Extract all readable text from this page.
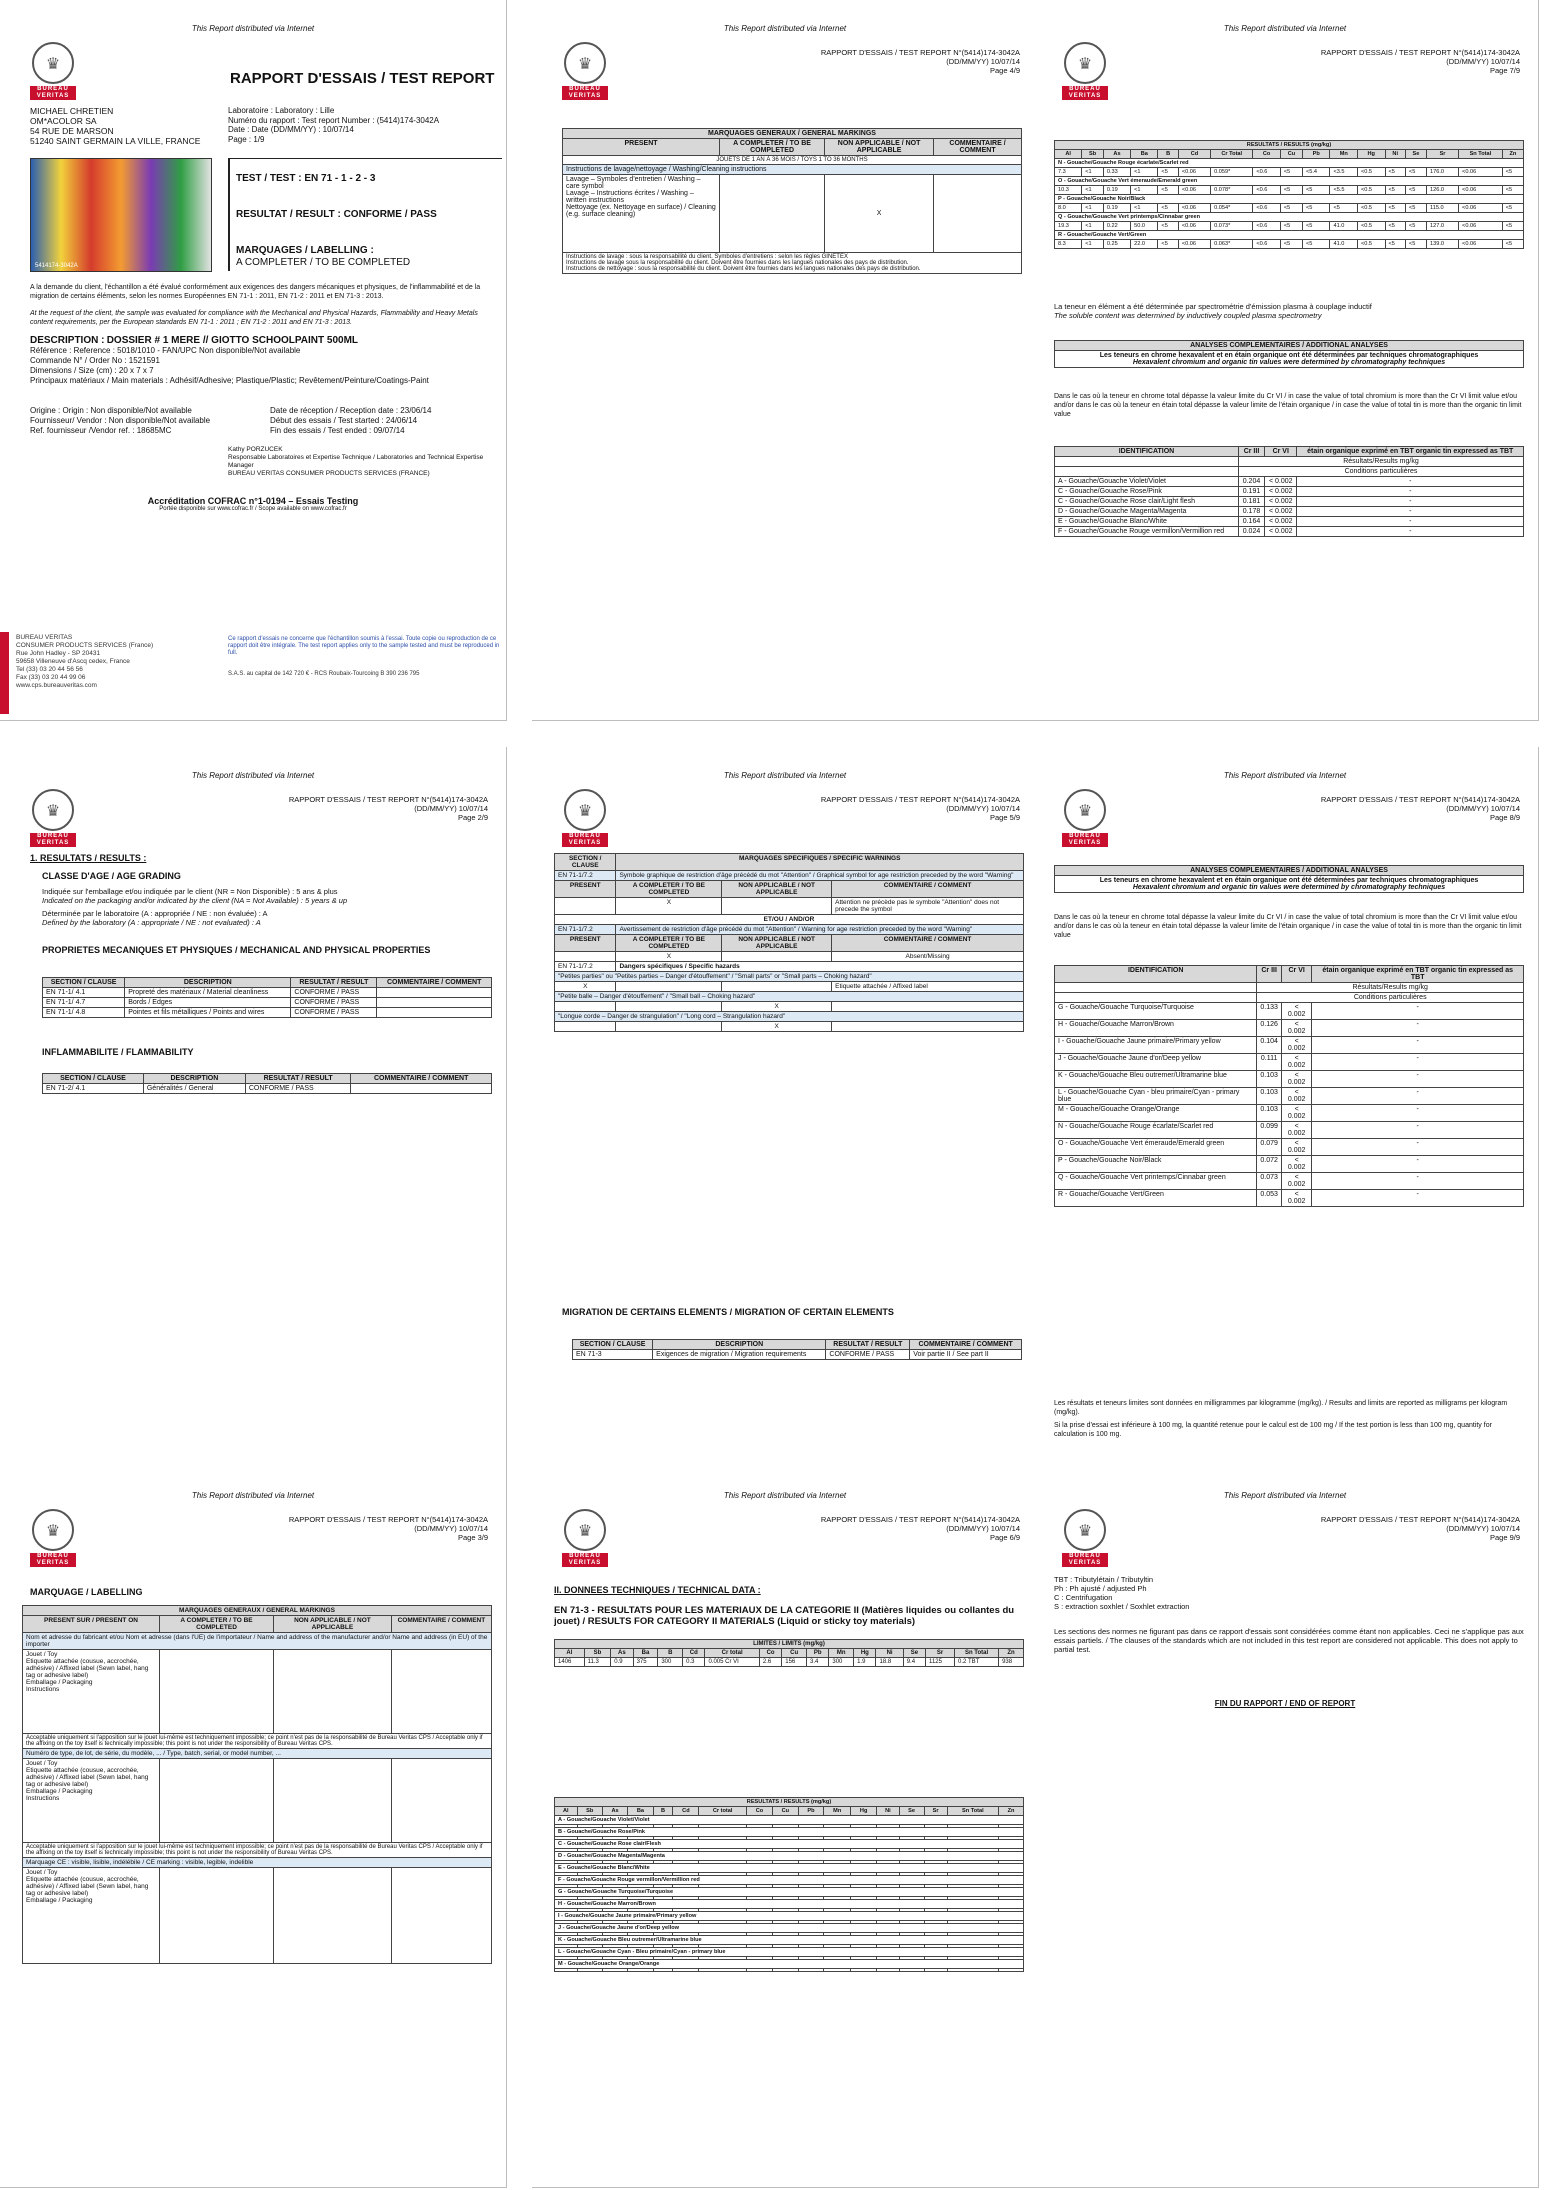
This Report distributed via Internet
♛
BUREAU VERITAS
RAPPORT D'ESSAIS / TEST REPORT
MICHAEL CHRETIEN
OM*ACOLOR SA
54 RUE DE MARSON
51240 SAINT GERMAIN LA VILLE, FRANCE
Laboratoire : Laboratory : Lille
Numéro du rapport : Test report Number : (5414)174-3042A
Date : Date (DD/MM/YY) : 10/07/14
Page : 1/9
5414174-3042A
TEST / TEST : EN 71 - 1 - 2 - 3
RESULTAT / RESULT : CONFORME / PASS
MARQUAGES / LABELLING :
A COMPLETER / TO BE COMPLETED
A la demande du client, l'échantillon a été évalué conformément aux exigences des dangers mécaniques et physiques, de l'inflammabilité et de la migration de certains éléments, selon les normes Européennes EN 71-1 : 2011, EN 71-2 : 2011 et EN 71-3 : 2013.
At the request of the client, the sample was evaluated for compliance with the Mechanical and Physical Hazards, Flammability and Heavy Metals content requirements, per the European standards EN 71-1 : 2011 ; EN 71-2 : 2011 and EN 71-3 : 2013.
DESCRIPTION : DOSSIER # 1 MERE // GIOTTO SCHOOLPAINT 500ML
Référence : Reference : 5018/1010 - FAN/UPC Non disponible/Not available
Commande N° / Order No : 1521591
Dimensions / Size (cm) : 20 x 7 x 7
Principaux matériaux / Main materials : Adhésif/Adhesive; Plastique/Plastic; Revêtement/Peinture/Coatings-Paint
Origine : Origin : Non disponible/Not available
Fournisseur/ Vendor : Non disponible/Not available
Ref. fournisseur /Vendor ref. : 18685MC
Date de réception / Reception date : 23/06/14
Début des essais / Test started : 24/06/14
Fin des essais / Test ended : 09/07/14
Kathy PORZUCEK
Responsable Laboratoires et Expertise Technique / Laboratories and Technical Expertise Manager
BUREAU VERITAS CONSUMER PRODUCTS SERVICES (FRANCE)
Accréditation COFRAC n°1-0194 – Essais Testing
Portée disponible sur www.cofrac.fr / Scope available on www.cofrac.fr
BUREAU VERITAS
CONSUMER PRODUCTS SERVICES (France)
Rue John Hadley - SP 20431
59658 Villeneuve d'Ascq cedex, France
Tel (33) 03 20 44 56 56
Fax (33) 03 20 44 99 06
www.cps.bureauveritas.com
Ce rapport d'essais ne concerne que l'échantillon soumis à l'essai. Toute copie ou reproduction de ce rapport doit être intégrale. The test report applies only to the sample tested and must be reproduced in full.
S.A.S. au capital de 142 720 € - RCS Roubaix-Tourcoing B 390 236 795
This Report distributed via Internet
♛
BUREAU VERITAS
RAPPORT D'ESSAIS / TEST REPORT N°(5414)174-3042A
(DD/MM/YY) 10/07/14
Page 4/9
MARQUAGES GENERAUX / GENERAL MARKINGS			
PRESENT	A COMPLETER / TO BE COMPLETED	NON APPLICABLE / NOT APPLICABLE	COMMENTAIRE / COMMENT
JOUETS DE 1 AN À 36 MOIS / TOYS 1 TO 36 MONTHS			
Instructions de lavage/nettoyage / Washing/Cleaning instructions			

Lavage – Symboles d'entretien / Washing – care symbol
Lavage – Instructions écrites / Washing – written instructions
Nettoyage (ex. Nettoyage en surface) / Cleaning (e.g. surface cleaning)		X	

Instructions de lavage : sous la responsabilité du client. Symboles d'entretiens : selon les règles GINETEX
Instructions de lavage sous la responsabilité du client. Doivent être fournies dans les langues nationales des pays de distribution.
Instructions de nettoyage : sous la responsabilité du client. Doivent être fournies dans les langues nationales des pays de distribution.			
This Report distributed via Internet
♛
BUREAU VERITAS
RAPPORT D'ESSAIS / TEST REPORT N°(5414)174-3042A
(DD/MM/YY) 10/07/14
Page 7/9
RESULTATS / RESULTS (mg/kg)																
Al	Sb	As	Ba	B	Cd	Cr Total	Co	Cu	Pb	Mn	Hg	Ni	Se	Sr	Sn Total	Zn
N - Gouache/Gouache Rouge écarlate/Scarlet red																
7.3	<1	0.33	<1	<5	<0.06	0.059*	<0.6	<5	<5.4	<3.5	<0.5	<5	<5	176.0	<0.06	<5
O - Gouache/Gouache Vert émeraude/Emerald green																
10.3	<1	0.19	<1	<5	<0.06	0.078*	<0.6	<5	<5	<5.5	<0.5	<5	<5	126.0	<0.06	<5
P - Gouache/Gouache Noir/Black																
8.0	<1	0.19	<1	<5	<0.06	0.054*	<0.6	<5	<5	<5	<0.5	<5	<5	115.0	<0.06	<5
Q - Gouache/Gouache Vert printemps/Cinnabar green																
19.3	<1	0.22	50.0	<5	<0.06	0.073*	<0.6	<5	<5	41.0	<0.5	<5	<5	127.0	<0.06	<5
R - Gouache/Gouache Vert/Green																
8.3	<1	0.25	22.0	<5	<0.06	0.063*	<0.6	<5	<5	41.0	<0.5	<5	<5	139.0	<0.06	<5
La teneur en élément a été déterminée par spectrométrie d'émission plasma à couplage inductif
The soluble content was determined by inductively coupled plasma spectrometry
ANALYSES COMPLEMENTAIRES / ADDITIONAL ANALYSES

Les teneurs en chrome hexavalent et en étain organique ont été déterminées par techniques chromatographiques
Hexavalent chromium and organic tin values were determined by chromatography techniques
Dans le cas où la teneur en chrome total dépasse la valeur limite du Cr VI / in case the value of total chromium is more than the Cr VI limit value et/ou and/or dans le cas où la teneur en étain total dépasse la valeur limite de l'étain organique / in case the value of total tin is more than the organic tin limit value
IDENTIFICATION	Cr III	Cr VI	étain organique exprimé en TBT organic tin expressed as TBT
	Résultats/Results mg/kg		
	Conditions particulières		
A - Gouache/Gouache Violet/Violet	0.204	< 0.002	-
C - Gouache/Gouache Rose/Pink	0.191	< 0.002	-
C - Gouache/Gouache Rose clair/Light flesh	0.181	< 0.002	-
D - Gouache/Gouache Magenta/Magenta	0.178	< 0.002	-
E - Gouache/Gouache Blanc/White	0.164	< 0.002	-
F - Gouache/Gouache Rouge vermillon/Vermillion red	0.024	< 0.002	-
This Report distributed via Internet
♛
BUREAU VERITAS
RAPPORT D'ESSAIS / TEST REPORT N°(5414)174-3042A
(DD/MM/YY) 10/07/14
Page 2/9
1. RESULTATS / RESULTS :
CLASSE D'AGE / AGE GRADING
Indiquée sur l'emballage et/ou indiquée par le client (NR = Non Disponible) : 5 ans & plus
Indicated on the packaging and/or indicated by the client (NA = Not Available) : 5 years & up
Déterminée par le laboratoire (A : appropriée / NE : non évaluée) : A
Defined by the laboratory (A : appropriate / NE : not evaluated) : A
PROPRIETES MECANIQUES ET PHYSIQUES / MECHANICAL AND PHYSICAL PROPERTIES
SECTION / CLAUSE	DESCRIPTION	RESULTAT / RESULT	COMMENTAIRE / COMMENT
EN 71-1/ 4.1	Propreté des matériaux / Material cleanliness	CONFORME / PASS	
EN 71-1/ 4.7	Bords / Edges	CONFORME / PASS	
EN 71-1/ 4.8	Pointes et fils métalliques / Points and wires	CONFORME / PASS	
INFLAMMABILITE / FLAMMABILITY
SECTION / CLAUSE	DESCRIPTION	RESULTAT / RESULT	COMMENTAIRE / COMMENT
EN 71-2/ 4.1	Généralités / General	CONFORME / PASS	
This Report distributed via Internet
♛
BUREAU VERITAS
RAPPORT D'ESSAIS / TEST REPORT N°(5414)174-3042A
(DD/MM/YY) 10/07/14
Page 5/9
SECTION / CLAUSE	MARQUAGES SPECIFIQUES / SPECIFIC WARNINGS		
EN 71-1/7.2	Symbole graphique de restriction d'âge précédé du mot "Attention" / Graphical symbol for age restriction preceded by the word "Warning"		
PRESENT	A COMPLETER / TO BE COMPLETED	NON APPLICABLE / NOT APPLICABLE	COMMENTAIRE / COMMENT
	X		Attention ne précède pas le symbole "Attention" does not precede the symbol
ET/OU / AND/OR			
EN 71-1/7.2	Avertissement de restriction d'âge précédé du mot "Attention" / Warning for age restriction preceded by the word "Warning"		
PRESENT	A COMPLETER / TO BE COMPLETED	NON APPLICABLE / NOT APPLICABLE	COMMENTAIRE / COMMENT
	X		Absent/Missing
EN 71-1/7.2	Dangers spécifiques / Specific hazards		
"Petites parties" ou "Petites parties – Danger d'étouffement" / "Small parts" or "Small parts – Choking hazard"			
X			Etiquette attachée / Affixed label
"Petite balle – Danger d'étouffement" / "Small ball – Choking hazard"			
		X	
"Longue corde – Danger de strangulation" / "Long cord – Strangulation hazard"			
		X	
MIGRATION DE CERTAINS ELEMENTS / MIGRATION OF CERTAIN ELEMENTS
SECTION / CLAUSE	DESCRIPTION	RESULTAT / RESULT	COMMENTAIRE / COMMENT
EN 71-3	Exigences de migration / Migration requirements	CONFORME / PASS	Voir partie II / See part II
This Report distributed via Internet
♛
BUREAU VERITAS
RAPPORT D'ESSAIS / TEST REPORT N°(5414)174-3042A
(DD/MM/YY) 10/07/14
Page 8/9
ANALYSES COMPLEMENTAIRES / ADDITIONAL ANALYSES

Les teneurs en chrome hexavalent et en étain organique ont été déterminées par techniques chromatographiques
Hexavalent chromium and organic tin values were determined by chromatography techniques
Dans le cas où la teneur en chrome total dépasse la valeur limite du Cr VI / in case the value of total chromium is more than the Cr VI limit value et/ou and/or dans le cas où la teneur en étain total dépasse la valeur limite de l'étain organique / in case the value of total tin is more than the organic tin limit value
IDENTIFICATION	Cr III	Cr VI	étain organique exprimé en TBT organic tin expressed as TBT
	Résultats/Results mg/kg		
	Conditions particulières		
G - Gouache/Gouache Turquoise/Turquoise	0.133	< 0.002	-
H - Gouache/Gouache Marron/Brown	0.126	< 0.002	-
I - Gouache/Gouache Jaune primaire/Primary yellow	0.104	< 0.002	-
J - Gouache/Gouache Jaune d'or/Deep yellow	0.111	< 0.002	-
K - Gouache/Gouache Bleu outremer/Ultramarine blue	0.103	< 0.002	-
L - Gouache/Gouache Cyan - bleu primaire/Cyan - primary blue	0.103	< 0.002	-
M - Gouache/Gouache Orange/Orange	0.103	< 0.002	-
N - Gouache/Gouache Rouge écarlate/Scarlet red	0.099	< 0.002	-
O - Gouache/Gouache Vert émeraude/Emerald green	0.079	< 0.002	-
P - Gouache/Gouache Noir/Black	0.072	< 0.002	-
Q - Gouache/Gouache Vert printemps/Cinnabar green	0.073	< 0.002	-
R - Gouache/Gouache Vert/Green	0.053	< 0.002	-
Les résultats et teneurs limites sont données en milligrammes par kilogramme (mg/kg). / Results and limits are reported as milligrams per kilogram (mg/kg).
Si la prise d'essai est inférieure à 100 mg, la quantité retenue pour le calcul est de 100 mg / If the test portion is less than 100 mg, quantity for calculation is 100 mg.
This Report distributed via Internet
♛
BUREAU VERITAS
RAPPORT D'ESSAIS / TEST REPORT N°(5414)174-3042A
(DD/MM/YY) 10/07/14
Page 3/9
MARQUAGE / LABELLING
MARQUAGES GENERAUX / GENERAL MARKINGS			
PRESENT SUR / PRESENT ON	A COMPLETER / TO BE COMPLETED	NON APPLICABLE / NOT APPLICABLE	COMMENTAIRE / COMMENT
Nom et adresse du fabricant et/ou Nom et adresse (dans l'UE) de l'importateur / Name and address of the manufacturer and/or Name and address (in EU) of the importer			

Jouet / Toy
Etiquette attachée (cousue, accrochée, adhésive) / Affixed label (Sewn label, hang tag or adhesive label)
Emballage / Packaging
Instructions			

Acceptable uniquement si l'apposition sur le jouet lui-même est techniquement impossible; ce point n'est pas de la responsabilité de Bureau Veritas CPS / Acceptable only if the affixing on the toy itself is technically impossible; this point is not under the responsibility of Bureau Veritas CPS.			
Numéro de type, de lot, de série, du modèle, ... / Type, batch, serial, or model number, ...			

Jouet / Toy
Etiquette attachée (cousue, accrochée, adhésive) / Affixed label (Sewn label, hang tag or adhesive label)
Emballage / Packaging
Instructions			

Acceptable uniquement si l'apposition sur le jouet lui-même est techniquement impossible; ce point n'est pas de la responsabilité de Bureau Veritas CPS / Acceptable only if the affixing on the toy itself is technically impossible; this point is not under the responsibility of Bureau Veritas CPS.			
Marquage CE : visible, lisible, indélébile / CE marking : visible, legible, indelible			

Jouet / Toy
Etiquette attachée (cousue, accrochée, adhésive) / Affixed label (Sewn label, hang tag or adhesive label)
Emballage / Packaging			

This Report distributed via Internet
♛
BUREAU VERITAS
RAPPORT D'ESSAIS / TEST REPORT N°(5414)174-3042A
(DD/MM/YY) 10/07/14
Page 6/9
II. DONNEES TECHNIQUES / TECHNICAL DATA :
EN 71-3 - RESULTATS POUR LES MATERIAUX DE LA CATEGORIE II (Matières liquides ou collantes du jouet) / RESULTS FOR CATEGORY II MATERIALS (Liquid or sticky toy materials)
LIMITES / LIMITS (mg/kg)																
Al	Sb	As	Ba	B	Cd	Cr total	Co	Cu	Pb	Mn	Hg	Ni	Se	Sr	Sn Total	Zn
1406	11.3	0.9	375	300	0.3	0.005 Cr VI	2.6	156	3.4	300	1.9	18.8	9.4	1125	0.2 TBT	938
RESULTATS / RESULTS (mg/kg)																
Al	Sb	As	Ba	B	Cd	Cr total	Co	Cu	Pb	Mn	Hg	Ni	Se	Sr	Sn Total	Zn
A - Gouache/Gouache Violet/Violet																

B - Gouache/Gouache Rose/Pink																

C - Gouache/Gouache Rose clair/Flesh																

D - Gouache/Gouache Magenta/Magenta																

E - Gouache/Gouache Blanc/White																

F - Gouache/Gouache Rouge vermillon/Vermillion red																

G - Gouache/Gouache Turquoise/Turquoise																

H - Gouache/Gouache Marron/Brown																

I - Gouache/Gouache Jaune primaire/Primary yellow																

J - Gouache/Gouache Jaune d'or/Deep yellow																

K - Gouache/Gouache Bleu outremer/Ultramarine blue																

L - Gouache/Gouache Cyan - Bleu primaire/Cyan - primary blue																

M - Gouache/Gouache Orange/Orange																

This Report distributed via Internet
♛
BUREAU VERITAS
RAPPORT D'ESSAIS / TEST REPORT N°(5414)174-3042A
(DD/MM/YY) 10/07/14
Page 9/9
TBT : Tributylétain / Tributyltin
Ph : Ph ajusté / adjusted Ph
C : Centrifugation
S : extraction soxhlet / Soxhlet extraction
Les sections des normes ne figurant pas dans ce rapport d'essais sont considérées comme étant non applicables. Ceci ne s'applique pas aux essais partiels. / The clauses of the standards which are not included in this test report are considered not applicable. This does not apply to partial test.
FIN DU RAPPORT / END OF REPORT
